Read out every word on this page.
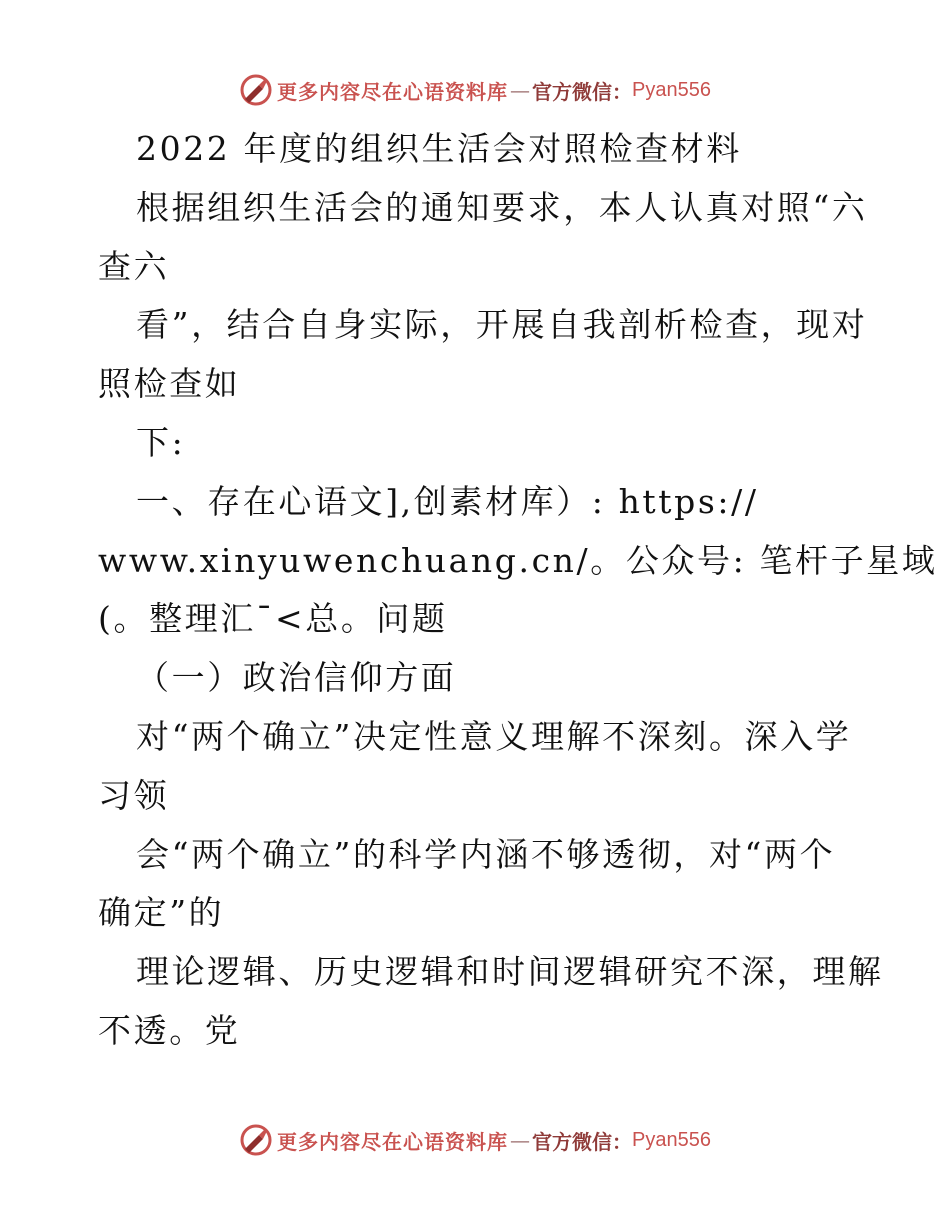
更多内容尽在心语资料库 — 官方微信： Pyan556

2022 年度的组织生活会对照检查材料

根据组织生活会的通知要求，本人认真对照“六

查六

看”，结合自身实际，开展自我剖析检查，现对

照检查如

下:

一、存在心语文],创素材库）: https://

www.xinyuwenchuang.cn/。公众号: 笔杆子星域

(。整理汇¯<总。问题

（一）政治信仰方面

对“两个确立”决定性意义理解不深刻。深入学

习领

会“两个确立”的科学内涵不够透彻，对“两个

确定”的

理论逻辑、历史逻辑和时间逻辑研究不深，理解

不透。党

更多内容尽在心语资料库 — 官方微信： Pyan556
